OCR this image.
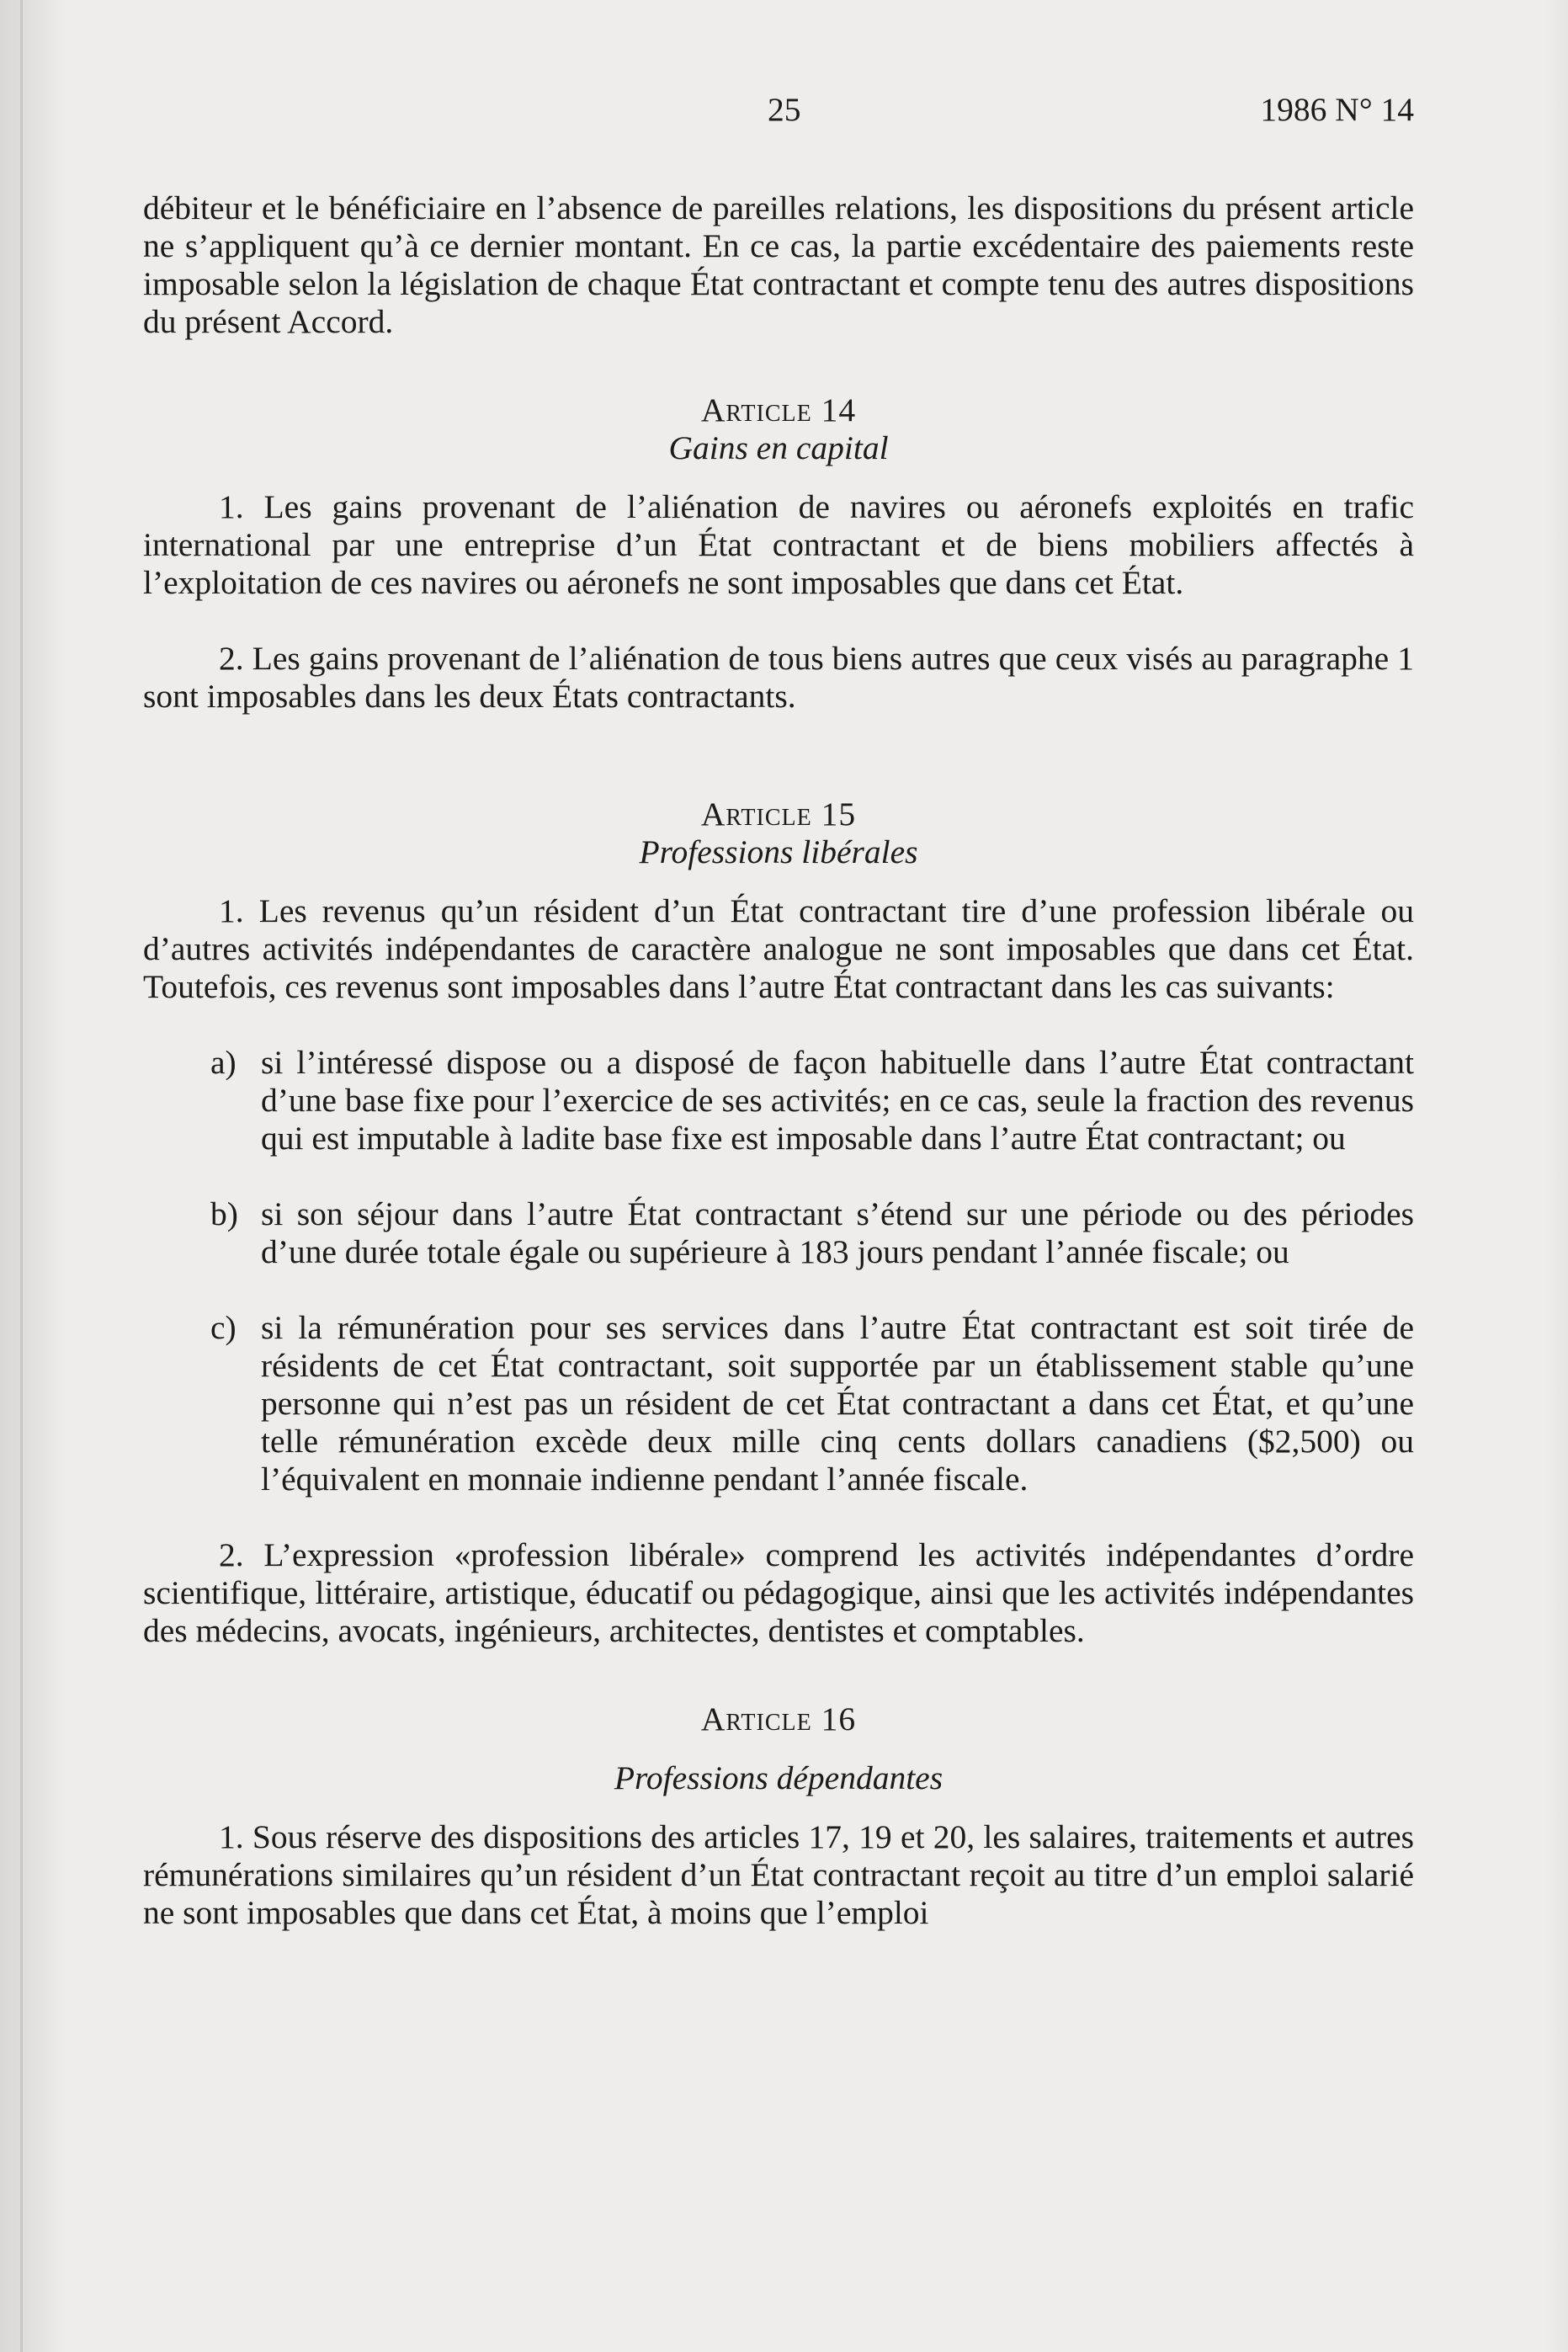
25	1986 N° 14

débiteur et le bénéficiaire en l’absence de pareilles relations, les dispositions du présent article ne s’appliquent qu’à ce dernier montant. En ce cas, la partie excédentaire des paiements reste imposable selon la législation de chaque État contractant et compte tenu des autres dispositions du présent Accord.

Article 14
Gains en capital

1. Les gains provenant de l’aliénation de navires ou aéronefs exploités en trafic international par une entreprise d’un État contractant et de biens mobiliers affectés à l’exploitation de ces navires ou aéronefs ne sont imposables que dans cet État.

2. Les gains provenant de l’aliénation de tous biens autres que ceux visés au paragraphe 1 sont imposables dans les deux États contractants.

Article 15
Professions libérales

1. Les revenus qu’un résident d’un État contractant tire d’une profession libérale ou d’autres activités indépendantes de caractère analogue ne sont imposables que dans cet État. Toutefois, ces revenus sont imposables dans l’autre État contractant dans les cas suivants:

a) si l’intéressé dispose ou a disposé de façon habituelle dans l’autre État contractant d’une base fixe pour l’exercice de ses activités; en ce cas, seule la fraction des revenus qui est imputable à ladite base fixe est imposable dans l’autre État contractant; ou

b) si son séjour dans l’autre État contractant s’étend sur une période ou des périodes d’une durée totale égale ou supérieure à 183 jours pendant l’année fiscale; ou

c) si la rémunération pour ses services dans l’autre État contractant est soit tirée de résidents de cet État contractant, soit supportée par un établissement stable qu’une personne qui n’est pas un résident de cet État contractant a dans cet État, et qu’une telle rémunération excède deux mille cinq cents dollars canadiens ($2,500) ou l’équivalent en monnaie indienne pendant l’année fiscale.

2. L’expression «profession libérale» comprend les activités indépendantes d’ordre scientifique, littéraire, artistique, éducatif ou pédagogique, ainsi que les activités indépendantes des médecins, avocats, ingénieurs, architectes, dentistes et comptables.

Article 16
Professions dépendantes

1. Sous réserve des dispositions des articles 17, 19 et 20, les salaires, traitements et autres rémunérations similaires qu’un résident d’un État contractant reçoit au titre d’un emploi salarié ne sont imposables que dans cet État, à moins que l’emploi
